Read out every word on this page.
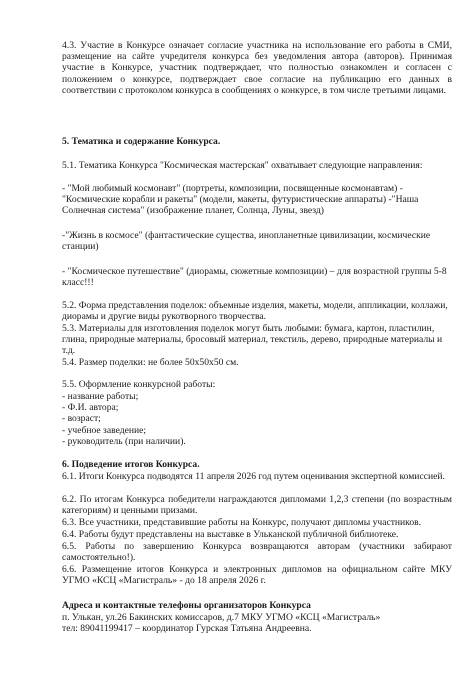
4.3. Участие в Конкурсе означает согласие участника на использование его работы в СМИ, размещение на сайте учредителя конкурса без уведомления автора (авторов). Принимая участие в Конкурсе, участник подтверждает, что полностью ознакомлен и согласен с положением о конкурсе, подтверждает свое согласие на публикацию его данных в соответствии с протоколом конкурса в сообщениях о конкурсе, в том числе третьими лицами.

5. Тематика и содержание Конкурса.

5.1. Тематика Конкурса "Космическая мастерская" охватывает следующие направления:

- "Мой любимый космонавт" (портреты, композиции, посвященные космонавтам) - "Космические корабли и ракеты" (модели, макеты, футуристические аппараты) -"Наша Солнечная система" (изображение планет, Солнца, Луны, звезд)

-"Жизнь в космосе" (фантастические существа, инопланетные цивилизации, космические станции)

- "Космическое путешествие" (диорамы, сюжетные композиции) – для возрастной группы 5-8 класс!!!

5.2. Форма представления поделок: объемные изделия, макеты, модели, аппликации, коллажи, диорамы и другие виды рукотворного творчества.

5.3. Материалы для изготовления поделок могут быть любыми: бумага, картон, пластилин, глина, природные материалы, бросовый материал, текстиль, дерево, природные материалы и т.д.

5.4. Размер поделки: не более 50х50х50 см.

5.5. Оформление конкурсной работы:

- название работы;
- Ф.И. автора;
- возраст;
- учебное заведение;
- руководитель (при наличии).

6. Подведение итогов Конкурса.

6.1. Итоги Конкурса подводятся 11 апреля 2026 год путем оценивания экспертной комиссией.

6.2. По итогам Конкурса победители награждаются дипломами 1,2,3 степени (по возрастным категориям) и ценными призами.

6.3. Все участники, представившие работы на Конкурс, получают дипломы участников.

6.4. Работы будут представлены на выставке в Улькaнской публичной библиотеке.

6.5. Работы по завершению Конкурса возвращаются авторам (участники забирают самостоятельно!).

6.6. Размещение итогов Конкурса и электронных дипломов на официальном сайте МКУ УГМО «КСЦ «Магистраль» - до 18 апреля 2026 г.

Адреса и контактные телефоны организаторов Конкурса

п. Улькан, ул.26 Бакинских комиссаров, д.7 МКУ УГМО «КСЦ «Магистраль»
тел: 89041199417 – координатор Гурская Татьяна Андреевна.
